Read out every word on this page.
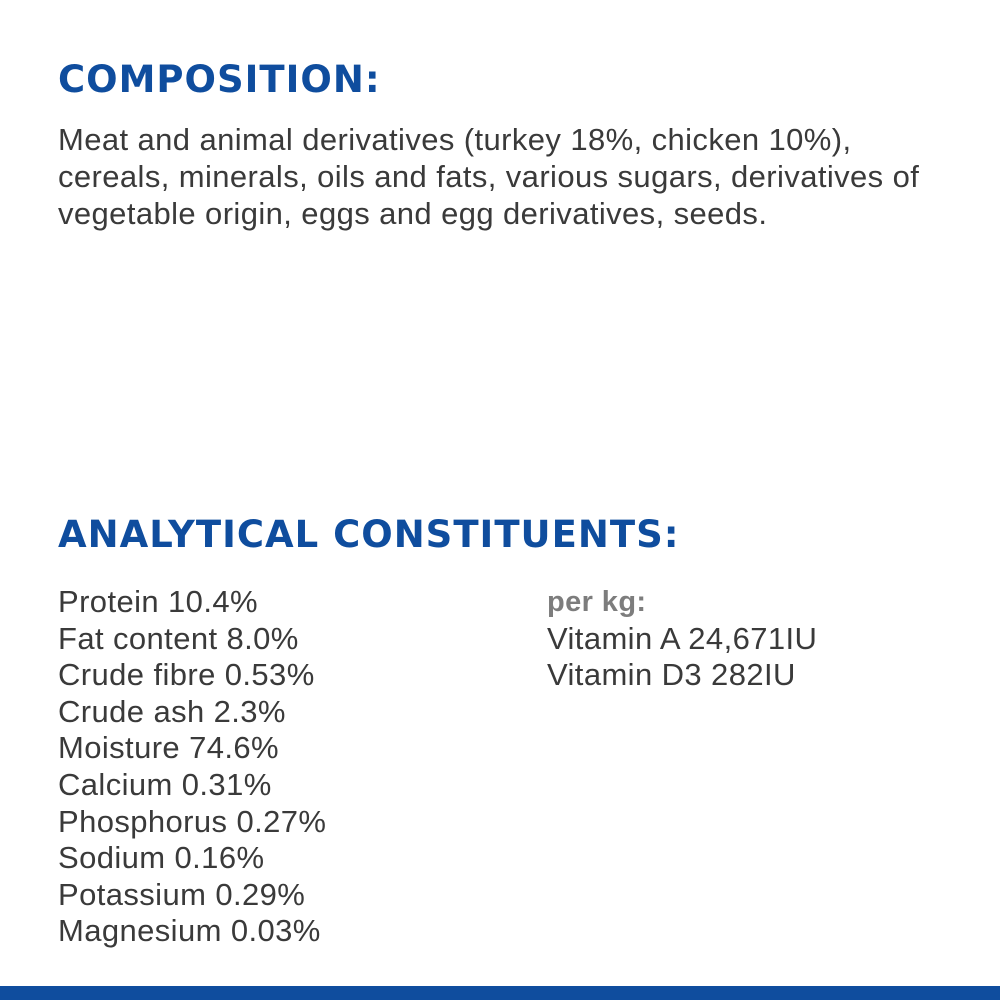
COMPOSITION:

Meat and animal derivatives (turkey 18%, chicken 10%), cereals, minerals, oils and fats, various sugars, derivatives of vegetable origin, eggs and egg derivatives, seeds.

ANALYTICAL CONSTITUENTS:
Protein 10.4%
Fat content 8.0%
Crude fibre 0.53%
Crude ash 2.3%
Moisture 74.6%
Calcium 0.31%
Phosphorus 0.27%
Sodium 0.16%
Potassium 0.29%
Magnesium 0.03%

per kg:

Vitamin A 24,671IU
Vitamin D3 282IU
